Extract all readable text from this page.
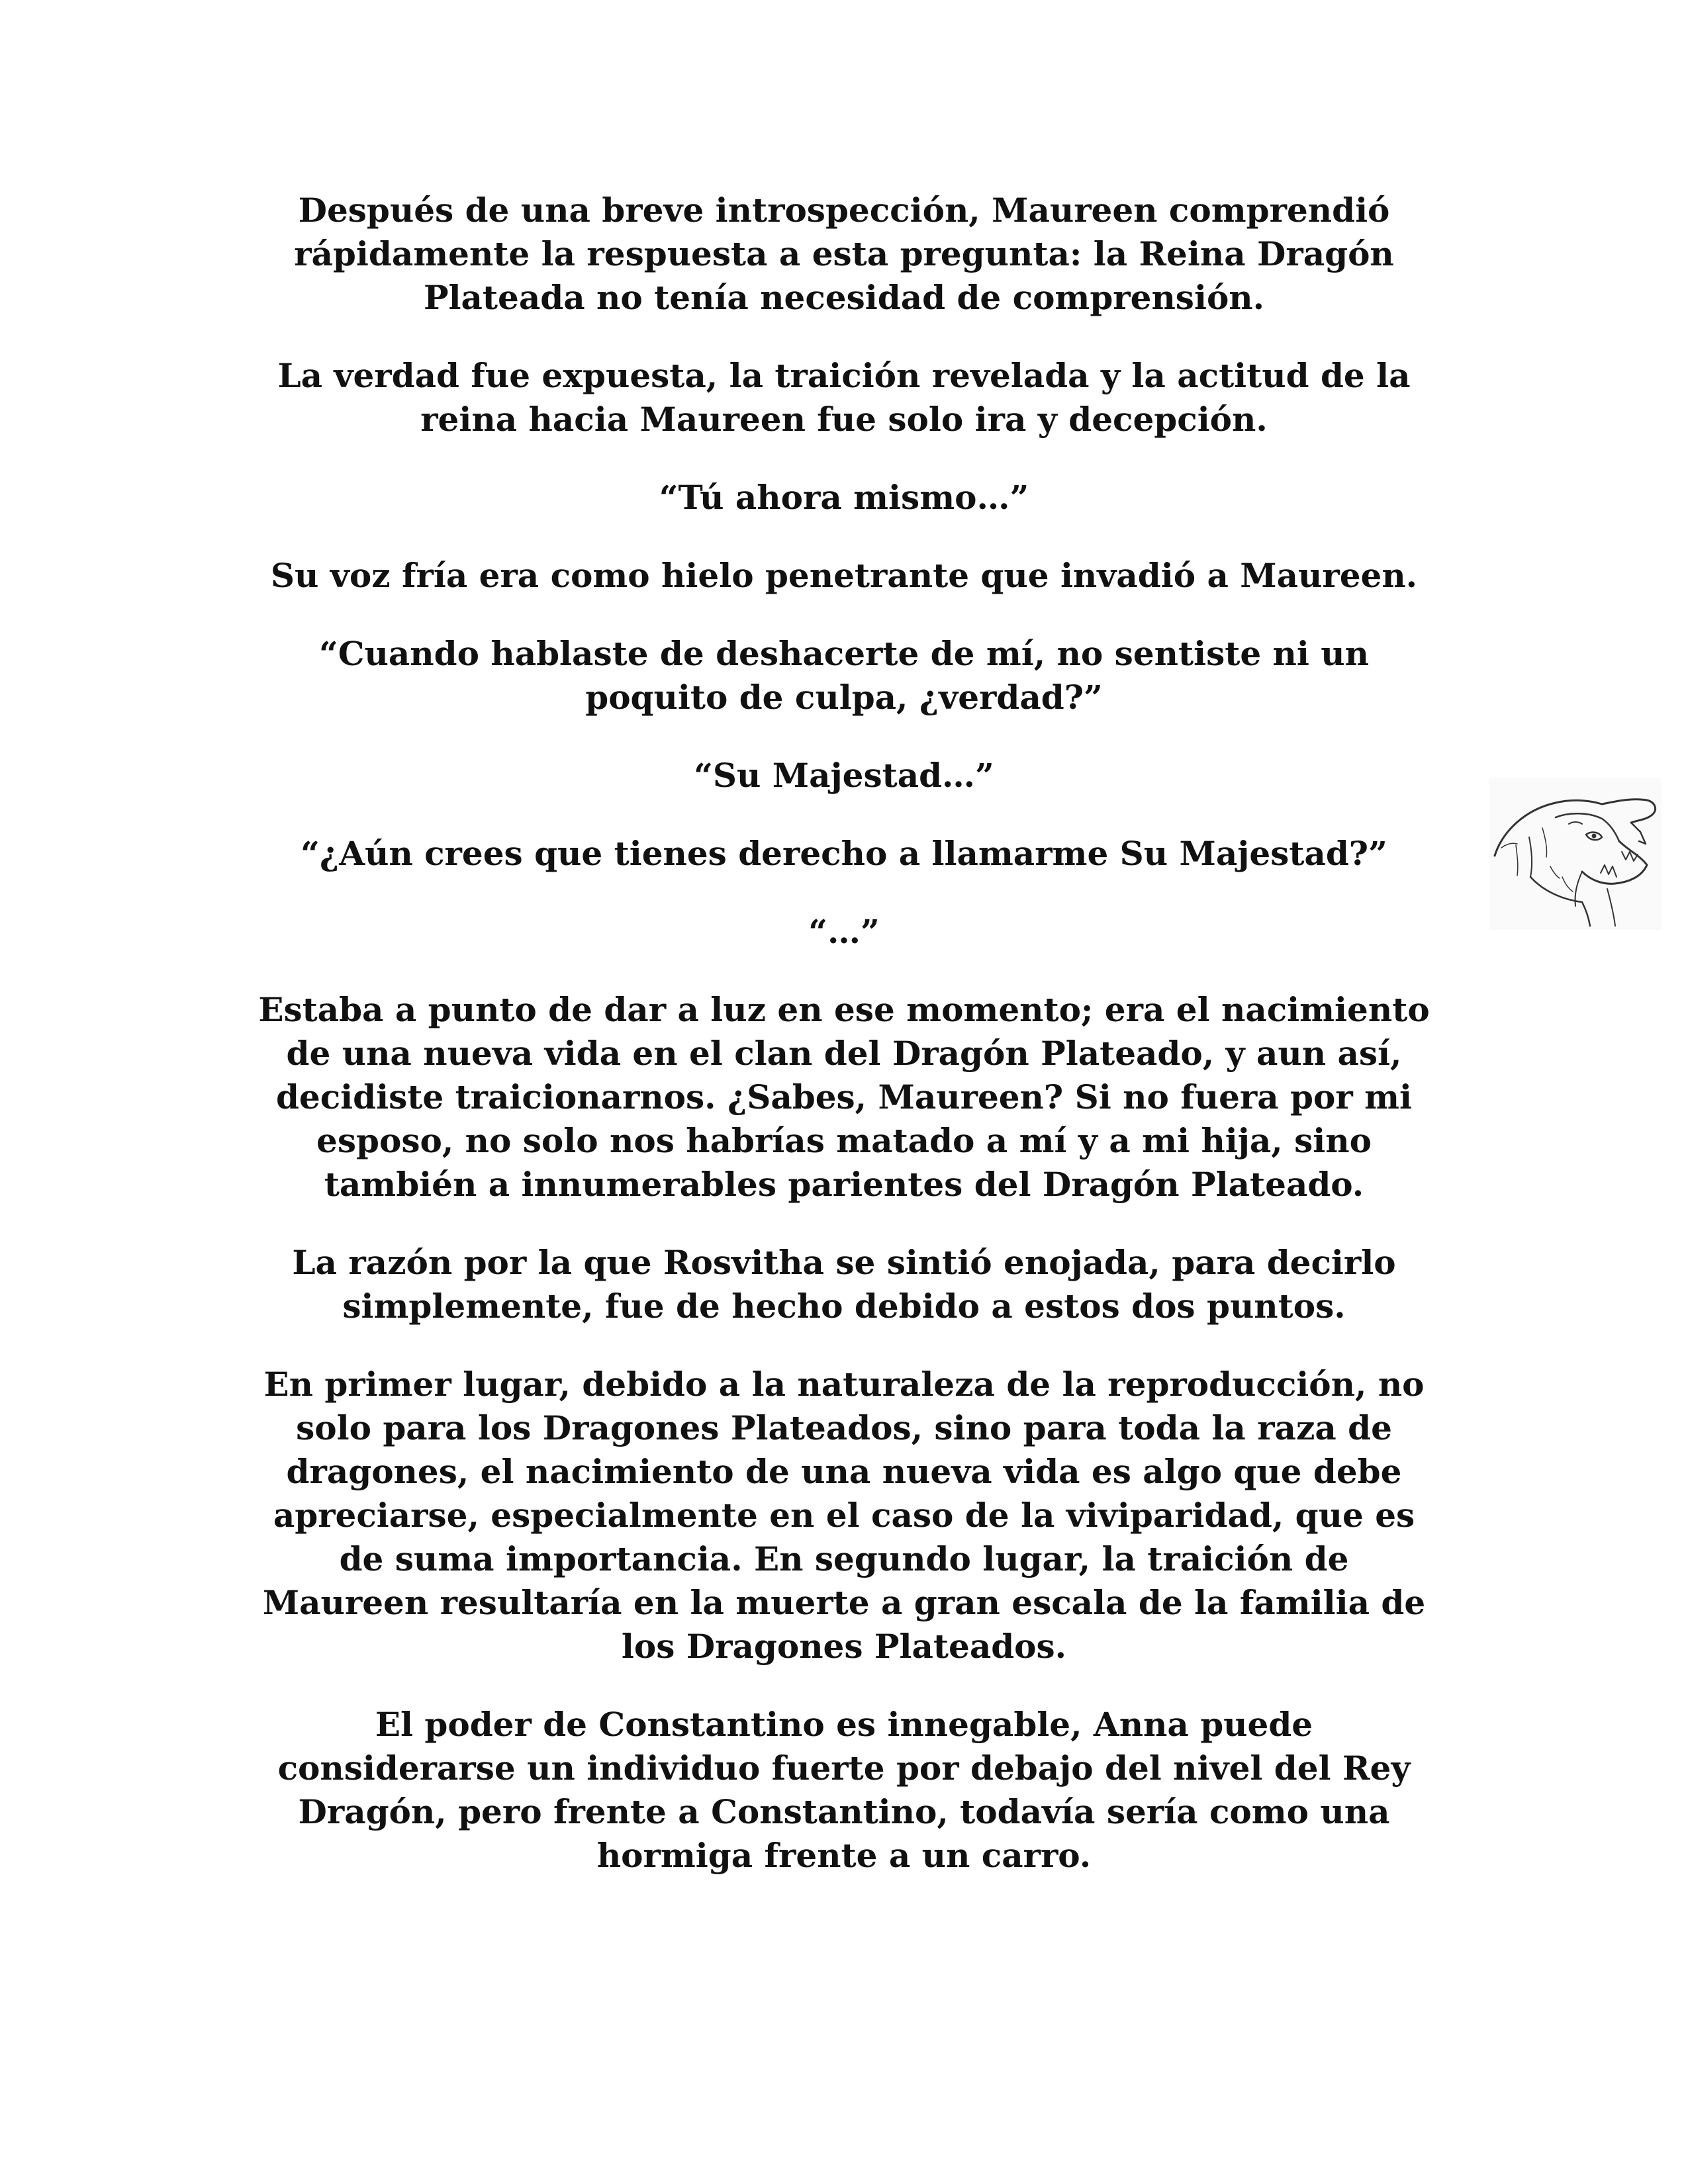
Después de una breve introspección, Maureen comprendió
rápidamente la respuesta a esta pregunta: la Reina Dragón
Plateada no tenía necesidad de comprensión.

La verdad fue expuesta, la traición revelada y la actitud de la
reina hacia Maureen fue solo ira y decepción.

“Tú ahora mismo…”

Su voz fría era como hielo penetrante que invadió a Maureen.

“Cuando hablaste de deshacerte de mí, no sentiste ni un
poquito de culpa, ¿verdad?”

“Su Majestad…”

“¿Aún crees que tienes derecho a llamarme Su Majestad?”

“…”

Estaba a punto de dar a luz en ese momento; era el nacimiento
de una nueva vida en el clan del Dragón Plateado, y aun así,
decidiste traicionarnos. ¿Sabes, Maureen? Si no fuera por mi
esposo, no solo nos habrías matado a mí y a mi hija, sino
también a innumerables parientes del Dragón Plateado.

La razón por la que Rosvitha se sintió enojada, para decirlo
simplemente, fue de hecho debido a estos dos puntos.

En primer lugar, debido a la naturaleza de la reproducción, no
solo para los Dragones Plateados, sino para toda la raza de
dragones, el nacimiento de una nueva vida es algo que debe
apreciarse, especialmente en el caso de la viviparidad, que es
de suma importancia. En segundo lugar, la traición de
Maureen resultaría en la muerte a gran escala de la familia de
los Dragones Plateados.

El poder de Constantino es innegable, Anna puede
considerarse un individuo fuerte por debajo del nivel del Rey
Dragón, pero frente a Constantino, todavía sería como una
hormiga frente a un carro.
